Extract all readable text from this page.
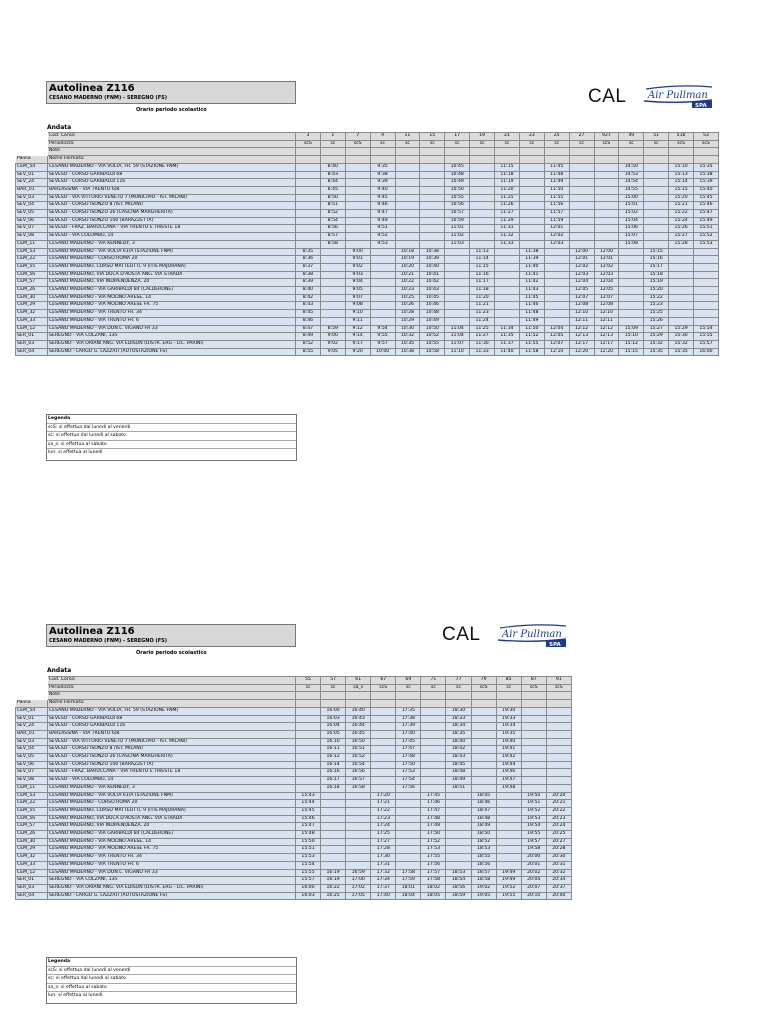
Autolinea Z116
CESANO MADERNO (FNM) - SEREGNO (FS)
Orario periodo scolastico
CAL Air Pullman
SPA
Andata
	Cod. Corsa:	3	1	7	9	11	15	17	19	21	23	25	27	927	49	51	51b	53
	Periodicità:	scS	sc	scS	sc	sc	sc	sc	sc	sc	sc	sc	sc	scS	sc	sc	scS	scS
	Note																	
Palina	Nome Fermata:																	
CEM_54	CESANO MADERNO - VIA VOLTA, FR. 59 (STAZIONE FNM)		8:40		9:35			10:45		11:15		11:45			14:50		15:10	15:35
SEV_01	SEVESO - CORSO GARIBALDI 68		8:43		9:38			10:48		11:18		11:48			14:53		15:13	15:38
SEV_24	SEVESO - CORSO GARIBALDI 116		8:44		9:39			10:49		11:19		11:49			14:54		15:14	15:39
BAR_01	BARLASSINA - VIA TRENTO 6/B		8:45		9:40			10:50		11:20		11:50			14:55		15:15	15:40
SEV_03	SEVESO - VIA VITTORIO VENETO 7 (MUNICIPIO - IST. MILANI)		8:50		9:45			10:55		11:25		11:55			15:00		15:20	15:45
SEV_04	SEVESO - CORSO ISONZO 8 (IST. MILANI)		8:51		9:46			10:56		11:26		11:56			15:01		15:21	15:46
SEV_05	SEVESO - CORSO ISONZO 26 (CASCINA MARGHERITA)		8:52		9:47			10:57		11:27		11:57			15:02		15:22	15:47
SEV_06	SEVESO - CORSO ISONZO 100 (BARAZZETTA)		8:54		9:49			10:59		11:29		11:59			15:04		15:24	15:49
SEV_07	SEVESO - FRAZ. BARUCCANA - VIA TRENTO E TRIESTE 18		8:56		9:51			11:01		11:31		12:01			15:06		15:26	15:51
SEV_08	SEVESO - VIA COLOMBO, 14		8:57		9:52			11:02		11:32		12:02			15:07		15:27	15:52
CEM_11	CESANO MADERNO - VIA KENNEDY, 3		8:58		9:53			11:03		11:33		12:03			15:08		15:28	15:53
CEM_53	CESANO MADERNO - VIA VOLTA 61/A (STAZIONE FNM)	8:35		9:00		10:18	10:38		11:13		11:38		12:00	12:00		15:15		
CEM_22	CESANO MADERNO - CORSO ROMA 20	8:36		9:01		10:19	10:39		11:14		11:39		12:01	12:01		15:16		
CEM_55	CESANO MADERNO, CORSO MATTEOTTI, 9 (ITIS MAJORANA)	8:37		9:02		10:20	10:40		11:15		11:40		12:02	12:02		15:17		
CEM_56	CESANO MADERNO, VIA DUCA D'AOSTA ANG. VIA STRADA	8:38		9:03		10:21	10:41		11:16		11:41		12:03	12:03		15:18		
CEM_57	CESANO MADERNO, VIA INDIPENDENZA, 20	8:39		9:04		10:22	10:42		11:17		11:42		12:04	12:04		15:19		
CEM_26	CESANO MADERNO - VIA GARIBALDI 84 (CALDERONE)	8:40		9:05		10:23	10:43		11:18		11:43		12:05	12:05		15:20		
CEM_30	CESANO MADERNO - VIA MOLINO ARESE, 14	8:42		9:07		10:25	10:45		11:20		11:45		12:07	12:07		15:22		
CEM_29	CESANO MADERNO - VIA MOLINO ARESE FR. 75	8:43		9:08		10:26	10:46		11:21		11:46		12:08	12:08		15:23		
CEM_32	CESANO MADERNO - VIA TRENTO FR. 34	8:45		9:10		10:28	10:48		11:23		11:48		12:10	12:10		15:25		
CEM_33	CESANO MADERNO - VIA TRENTO FR. 6	8:46		9:11		10:29	10:49		11:24		11:49		12:11	12:11		15:26		
CEM_12	CESANO MADERNO - VIA DON L. VIGANÒ FR 33	8:47	8:59	9:12	9:54	10:30	10:50	11:04	11:25	11:34	11:50	12:04	12:12	12:12	15:09	15:27	15:29	15:54
SER_01	SEREGNO - VIA COLZANI, 135	8:49	9:00	9:14	9:55	10:32	10:52	11:04	11:27	11:35	11:52	12:05	12:13	12:13	15:10	15:29	15:30	15:55
SER_03	SEREGNO - VIA ORIANI ANG. VIA EDISON (DISTR. ERG - LIC. PARINI)	8:52	9:02	9:17	9:57	10:35	10:55	11:07	11:30	11:37	11:55	12:07	12:17	12:17	15:12	15:32	15:32	15:57
SER_04	SEREGNO - LARGO G. LAZZATI (AUTOSTAZIONE FS)	8:55	9:05	9:20	10:00	10:38	10:58	11:10	11:33	11:40	11:58	12:10	12:20	12:20	15:15	15:35	15:35	16:00
Legenda
scS: si effettua dal lunedì al venerdì
sc: si effettua dal lunedì al sabato
sa_s: si effettua al sabato
lun: si effettua al lunedì
Autolinea Z116
CESANO MADERNO (FNM) - SEREGNO (FS)
Orario periodo scolastico
CAL Air Pullman
SPA
Andata
	Cod. Corsa:	55	57	61	67	69	71	77	79	85	87	91
	Periodicità:	sc	sc	sa_s	scS	sc	sc	sc	scS	sc	scS	scS
	Note											
Palina	Nome Fermata:											
CEM_54	CESANO MADERNO - VIA VOLTA, FR. 59 (STAZIONE FNM)		16:00	16:40		17:35		18:30		19:30		
SEV_01	SEVESO - CORSO GARIBALDI 68		16:03	16:43		17:38		18:33		19:33		
SEV_24	SEVESO - CORSO GARIBALDI 116		16:04	16:44		17:39		18:34		19:34		
BAR_01	BARLASSINA - VIA TRENTO 6/B		16:05	16:45		17:40		18:35		19:35		
SEV_03	SEVESO - VIA VITTORIO VENETO 7 (MUNICIPIO - IST. MILANI)		16:10	16:50		17:45		18:40		19:40		
SEV_04	SEVESO - CORSO ISONZO 8 (IST. MILANI)		16:11	16:51		17:47		18:42		19:41		
SEV_05	SEVESO - CORSO ISONZO 26 (CASCINA MARGHERITA)		16:12	16:52		17:48		18:43		19:42		
SEV_06	SEVESO - CORSO ISONZO 100 (BARAZZETTA)		16:14	16:54		17:50		18:45		19:44		
SEV_07	SEVESO - FRAZ. BARUCCANA - VIA TRENTO E TRIESTE 18		16:16	16:56		17:53		18:48		19:46		
SEV_08	SEVESO - VIA COLOMBO, 14		16:17	16:57		17:54		18:49		19:47		
CEM_11	CESANO MADERNO - VIA KENNEDY, 3		16:18	16:58		17:56		18:51		19:48		
CEM_53	CESANO MADERNO - VIA VOLTA 61/A (STAZIONE FNM)	15:43			17:20		17:45		18:45		19:50	20:20
CEM_22	CESANO MADERNO - CORSO ROMA 20	15:44			17:21		17:46		18:46		19:51	20:21
CEM_55	CESANO MADERNO, CORSO MATTEOTTI, 9 (ITIS MAJORANA)	15:45			17:22		17:47		18:47		19:52	20:22
CEM_56	CESANO MADERNO, VIA DUCA D'AOSTA ANG. VIA STRADA	15:46			17:23		17:48		18:48		19:53	20:23
CEM_57	CESANO MADERNO, VIA INDIPENDENZA, 20	15:47			17:24		17:49		18:49		19:54	20:24
CEM_26	CESANO MADERNO - VIA GARIBALDI 84 (CALDERONE)	15:48			17:25		17:50		18:50		19:55	20:25
CEM_30	CESANO MADERNO - VIA MOLINO ARESE, 14	15:50			17:27		17:52		18:52		19:57	20:27
CEM_29	CESANO MADERNO - VIA MOLINO ARESE FR. 75	15:51			17:28		17:53		18:53		19:58	20:28
CEM_32	CESANO MADERNO - VIA TRENTO FR. 34	15:53			17:30		17:55		18:55		20:00	20:30
CEM_33	CESANO MADERNO - VIA TRENTO FR. 6	15:54			17:31		17:56		18:56		20:01	20:31
CEM_12	CESANO MADERNO - VIA DON L. VIGANÒ FR 33	15:55	16:19	16:59	17:32	17:58	17:57	18:53	18:57	19:49	20:02	20:32
SER_01	SEREGNO - VIA COLZANI, 135	15:57	16:19	17:00	17:34	17:59	17:58	18:54	18:58	19:49	20:04	20:34
SER_03	SEREGNO - VIA ORIANI ANG. VIA EDISON (DISTR. ERG - LIC. PARINI)	16:00	16:22	17:02	17:37	18:01	18:02	18:56	19:02	19:52	20:07	20:37
SER_04	SEREGNO - LARGO G. LAZZATI (AUTOSTAZIONE FS)	16:03	16:25	17:05	17:40	18:04	18:05	18:59	19:05	19:55	20:10	20:40
Legenda
scS: si effettua dal lunedì al venerdì
sc: si effettua dal lunedì al sabato
sa_s: si effettua al sabato
lun: si effettua al lunedì
